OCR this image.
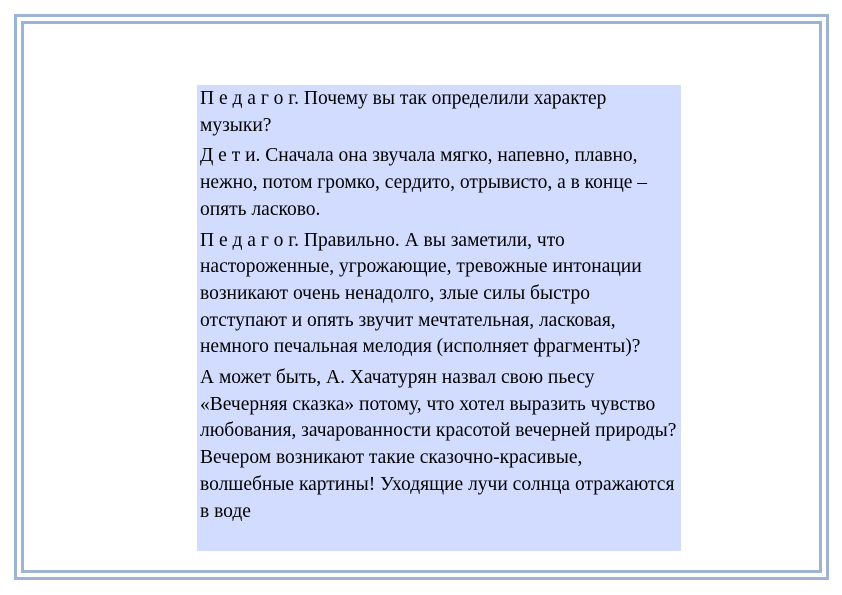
П е д а г о г. Почему вы так определили характер музыки?

Д е т и. Сначала она звучала мягко, напевно, плавно, нежно, потом громко, сердито, отрывисто, а в конце – опять ласково.

П е д а г о г. Правильно. А вы заметили, что настороженные, угрожающие, тревожные интонации возникают очень ненадолго, злые силы быстро отступают и опять звучит мечтательная, ласковая, немного печальная мелодия (исполняет фрагменты)?

А может быть, А. Хачатурян назвал свою пьесу «Вечерняя сказка» потому, что хотел выразить чувство любования, зачарованности красотой вечерней природы? Вечером возникают такие сказочно-красивые, волшебные картины! Уходящие лучи солнца отражаются в воде
